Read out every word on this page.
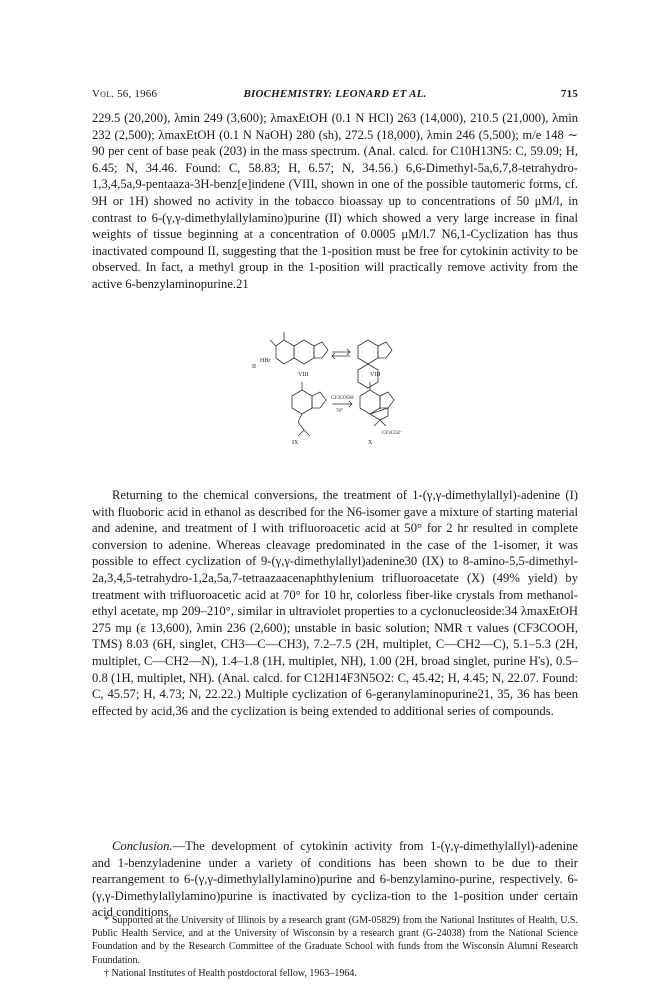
Vol. 56, 1966	BIOCHEMISTRY: LEONARD ET AL.	715
229.5 (20,200), λmin 249 (3,600); λmaxEtOH (0.1 N HCl) 263 (14,000), 210.5 (21,000), λmin 232 (2,500); λmaxEtOH (0.1 N NaOH) 280 (sh), 272.5 (18,000), λmin 246 (5,500); m/e 148 ∼ 90 per cent of base peak (203) in the mass spectrum. (Anal. calcd. for C10H13N5: C, 59.09; H, 6.45; N, 34.46. Found: C, 58.83; H, 6.57; N, 34.56.) 6,6-Dimethyl-5a,6,7,8-tetrahydro-1,3,4,5a,9-pentaaza-3H-benz[e]indene (VIII, shown in one of the possible tautomeric forms, cf. 9H or 1H) showed no activity in the tobacco bioassay up to concentrations of 50 μM/l, in contrast to 6-(γ,γ-dimethylallylamino)purine (II) which showed a very large increase in final weights of tissue beginning at a concentration of 0.0005 μM/l.7 N6,1-Cyclization has thus inactivated compound II, suggesting that the 1-position must be free for cytokinin activity to be observed. In fact, a methyl group in the 1-position will practically remove activity from the active 6-benzylaminopurine.21
II
HBr
VIII	VIII
CF3COOH
70°
IX	X
CF3CO2⁻
Returning to the chemical conversions, the treatment of 1-(γ,γ-dimethylallyl)-adenine (I) with fluoboric acid in ethanol as described for the N6-isomer gave a mixture of starting material and adenine, and treatment of I with trifluoroacetic acid at 50° for 2 hr resulted in complete conversion to adenine. Whereas cleavage predominated in the case of the 1-isomer, it was possible to effect cyclization of 9-(γ,γ-dimethylallyl)adenine30 (IX) to 8-amino-5,5-dimethyl-2a,3,4,5-tetrahydro-1,2a,5a,7-tetraazaacenaphthylenium trifluoroacetate (X) (49% yield) by treatment with trifluoroacetic acid at 70° for 10 hr, colorless fiber-like crystals from methanol-ethyl acetate, mp 209–210°, similar in ultraviolet properties to a cyclonucleoside:34 λmaxEtOH 275 mμ (ε 13,600), λmin 236 (2,600); unstable in basic solution; NMR τ values (CF3COOH, TMS) 8.03 (6H, singlet, CH3—C—CH3), 7.2–7.5 (2H, multiplet, C—CH2—C), 5.1–5.3 (2H, multiplet, C—CH2—N), 1.4–1.8 (1H, multiplet, NH), 1.00 (2H, broad singlet, purine H's), 0.5–0.8 (1H, multiplet, NH). (Anal. calcd. for C12H14F3N5O2: C, 45.42; H, 4.45; N, 22.07. Found: C, 45.57; H, 4.73; N, 22.22.) Multiple cyclization of 6-geranylaminopurine21, 35, 36 has been effected by acid,36 and the cyclization is being extended to additional series of compounds.
Conclusion.—The development of cytokinin activity from 1-(γ,γ-dimethylallyl)-adenine and 1-benzyladenine under a variety of conditions has been shown to be due to their rearrangement to 6-(γ,γ-dimethylallylamino)purine and 6-benzylamino-purine, respectively. 6-(γ,γ-Dimethylallylamino)purine is inactivated by cycliza-tion to the 1-position under certain acid conditions.

* Supported at the University of Illinois by a research grant (GM-05829) from the National Institutes of Health, U.S. Public Health Service, and at the University of Wisconsin by a research grant (G-24038) from the National Science Foundation and by the Research Committee of the Graduate School with funds from the Wisconsin Alumni Research Foundation.

† National Institutes of Health postdoctoral fellow, 1963–1964.
